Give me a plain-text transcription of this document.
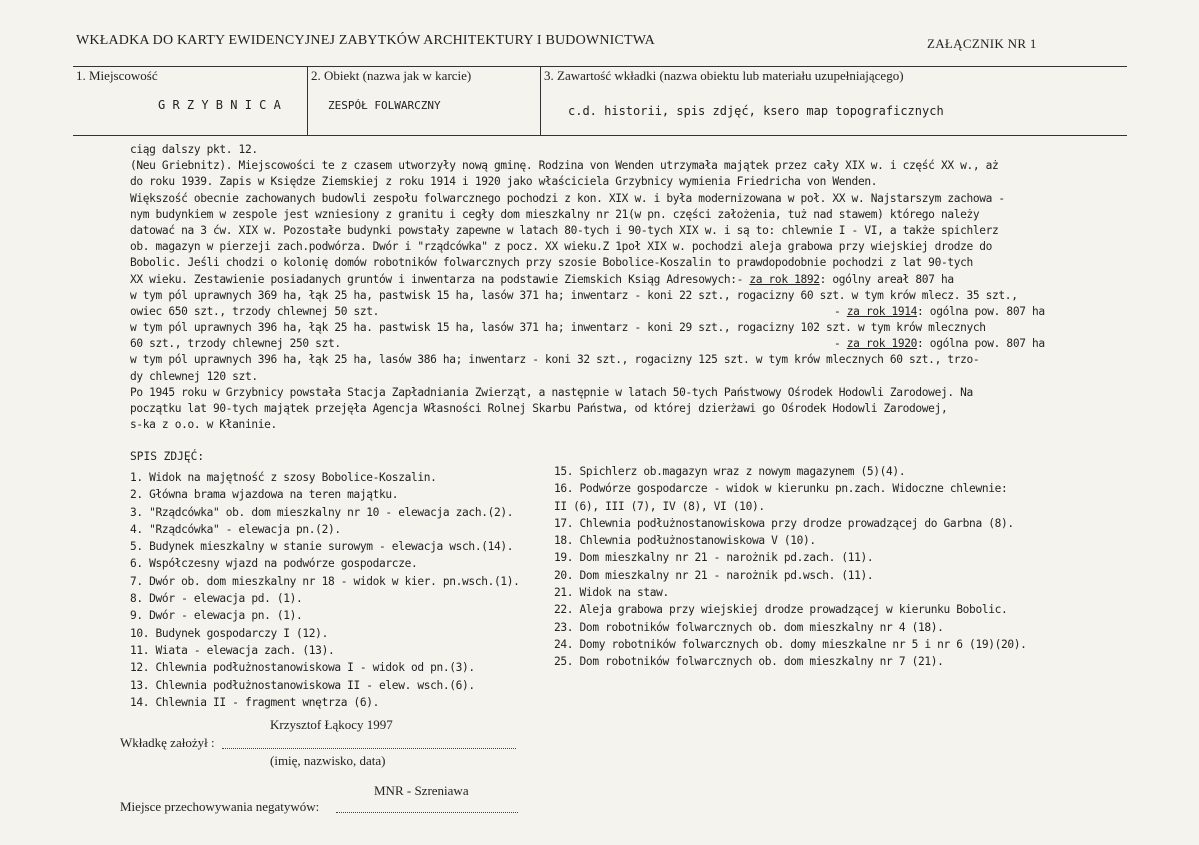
WKŁADKA DO KARTY EWIDENCYJNEJ ZABYTKÓW ARCHITEKTURY I BUDOWNICTWA	ZAŁĄCZNIK NR 1
1. Miejscowość
G R Z Y B N I C A
2. Obiekt (nazwa jak w karcie)
ZESPÓŁ FOLWARCZNY
3. Zawartość wkładki (nazwa obiektu lub materiału uzupełniającego)
c.d. historii, spis zdjęć, ksero map topograficznych
ciąg dalszy pkt. 12.
(Neu Griebnitz). Miejscowości te z czasem utworzyły nową gminę. Rodzina von Wenden utrzymała majątek przez cały XIX w. i część XX w., aż
do roku 1939. Zapis w Księdze Ziemskiej z roku 1914 i 1920 jako właściciela Grzybnicy wymienia Friedricha von Wenden.
Większość obecnie zachowanych budowli zespołu folwarcznego pochodzi z kon. XIX w. i była modernizowana w poł. XX w. Najstarszym zachowa -
nym budynkiem w zespole jest wzniesiony z granitu i cegły dom mieszkalny nr 21(w pn. części założenia, tuż nad stawem) którego należy
datować na 3 ćw. XIX w. Pozostałe budynki powstały zapewne w latach 80-tych i 90-tych XIX w. i są to: chlewnie I - VI, a także spichlerz
ob. magazyn w pierzeji zach.podwórza. Dwór i "rządcówka" z pocz. XX wieku.Z 1poł XIX w. pochodzi aleja grabowa przy wiejskiej drodze do
Bobolic. Jeśli chodzi o kolonię domów robotników folwarcznych przy szosie Bobolice-Koszalin to prawdopodobnie pochodzi z lat 90-tych
XX wieku. Zestawienie posiadanych gruntów i inwentarza na podstawie Ziemskich Ksiąg Adresowych:- za rok 1892: ogólny areał 807 ha
w tym pól uprawnych 369 ha, łąk 25 ha, pastwisk 15 ha, lasów 371 ha; inwentarz - koni 22 szt., rogacizny 60 szt. w tym krów mlecz. 35 szt.,
owiec 650 szt., trzody chlewnej 50 szt.	- za rok 1914: ogólna pow. 807 ha
w tym pól uprawnych 396 ha, łąk 25 ha. pastwisk 15 ha, lasów 371 ha; inwentarz - koni 29 szt., rogacizny 102 szt. w tym krów mlecznych
60 szt., trzody chlewnej 250 szt.	- za rok 1920: ogólna pow. 807 ha
w tym pól uprawnych 396 ha, łąk 25 ha, lasów 386 ha; inwentarz - koni 32 szt., rogacizny 125 szt. w tym krów mlecznych 60 szt., trzo-
dy chlewnej 120 szt.
Po 1945 roku w Grzybnicy powstała Stacja Zapładniania Zwierząt, a następnie w latach 50-tych Państwowy Ośrodek Hodowli Zarodowej. Na
początku lat 90-tych majątek przejęła Agencja Własności Rolnej Skarbu Państwa, od której dzierżawi go Ośrodek Hodowli Zarodowej,
s-ka z o.o. w Kłaninie.
SPIS ZDJĘĆ:
1. Widok na majętność z szosy Bobolice-Koszalin.
2. Główna brama wjazdowa na teren majątku.
3. "Rządcówka" ob. dom mieszkalny nr 10 - elewacja zach.(2).
4. "Rządcówka" - elewacja pn.(2).
5. Budynek mieszkalny w stanie surowym - elewacja wsch.(14).
6. Współczesny wjazd na podwórze gospodarcze.
7. Dwór ob. dom mieszkalny nr 18 - widok w kier. pn.wsch.(1).
8. Dwór - elewacja pd. (1).
9. Dwór - elewacja pn. (1).
10. Budynek gospodarczy I (12).
11. Wiata - elewacja zach. (13).
12. Chlewnia podłużnostanowiskowa I - widok od pn.(3).
13. Chlewnia podłużnostanowiskowa II - elew. wsch.(6).
14. Chlewnia II - fragment wnętrza (6).
15. Spichlerz ob.magazyn wraz z nowym magazynem (5)(4).
16. Podwórze gospodarcze - widok w kierunku pn.zach. Widoczne chlewnie:
II (6), III (7), IV (8), VI (10).
17. Chlewnia podłużnostanowiskowa przy drodze prowadzącej do Garbna (8).
18. Chlewnia podłużnostanowiskowa V (10).
19. Dom mieszkalny nr 21 - narożnik pd.zach. (11).
20. Dom mieszkalny nr 21 - narożnik pd.wsch. (11).
21. Widok na staw.
22. Aleja grabowa przy wiejskiej drodze prowadzącej w kierunku Bobolic.
23. Dom robotników folwarcznych ob. dom mieszkalny nr 4 (18).
24. Domy robotników folwarcznych ob. domy mieszkalne nr 5 i nr 6 (19)(20).
25. Dom robotników folwarcznych ob. dom mieszkalny nr 7 (21).
Krzysztof Łąkocy 1997
Wkładkę założył :
(imię, nazwisko, data)
MNR - Szreniawa
Miejsce przechowywania negatywów:
